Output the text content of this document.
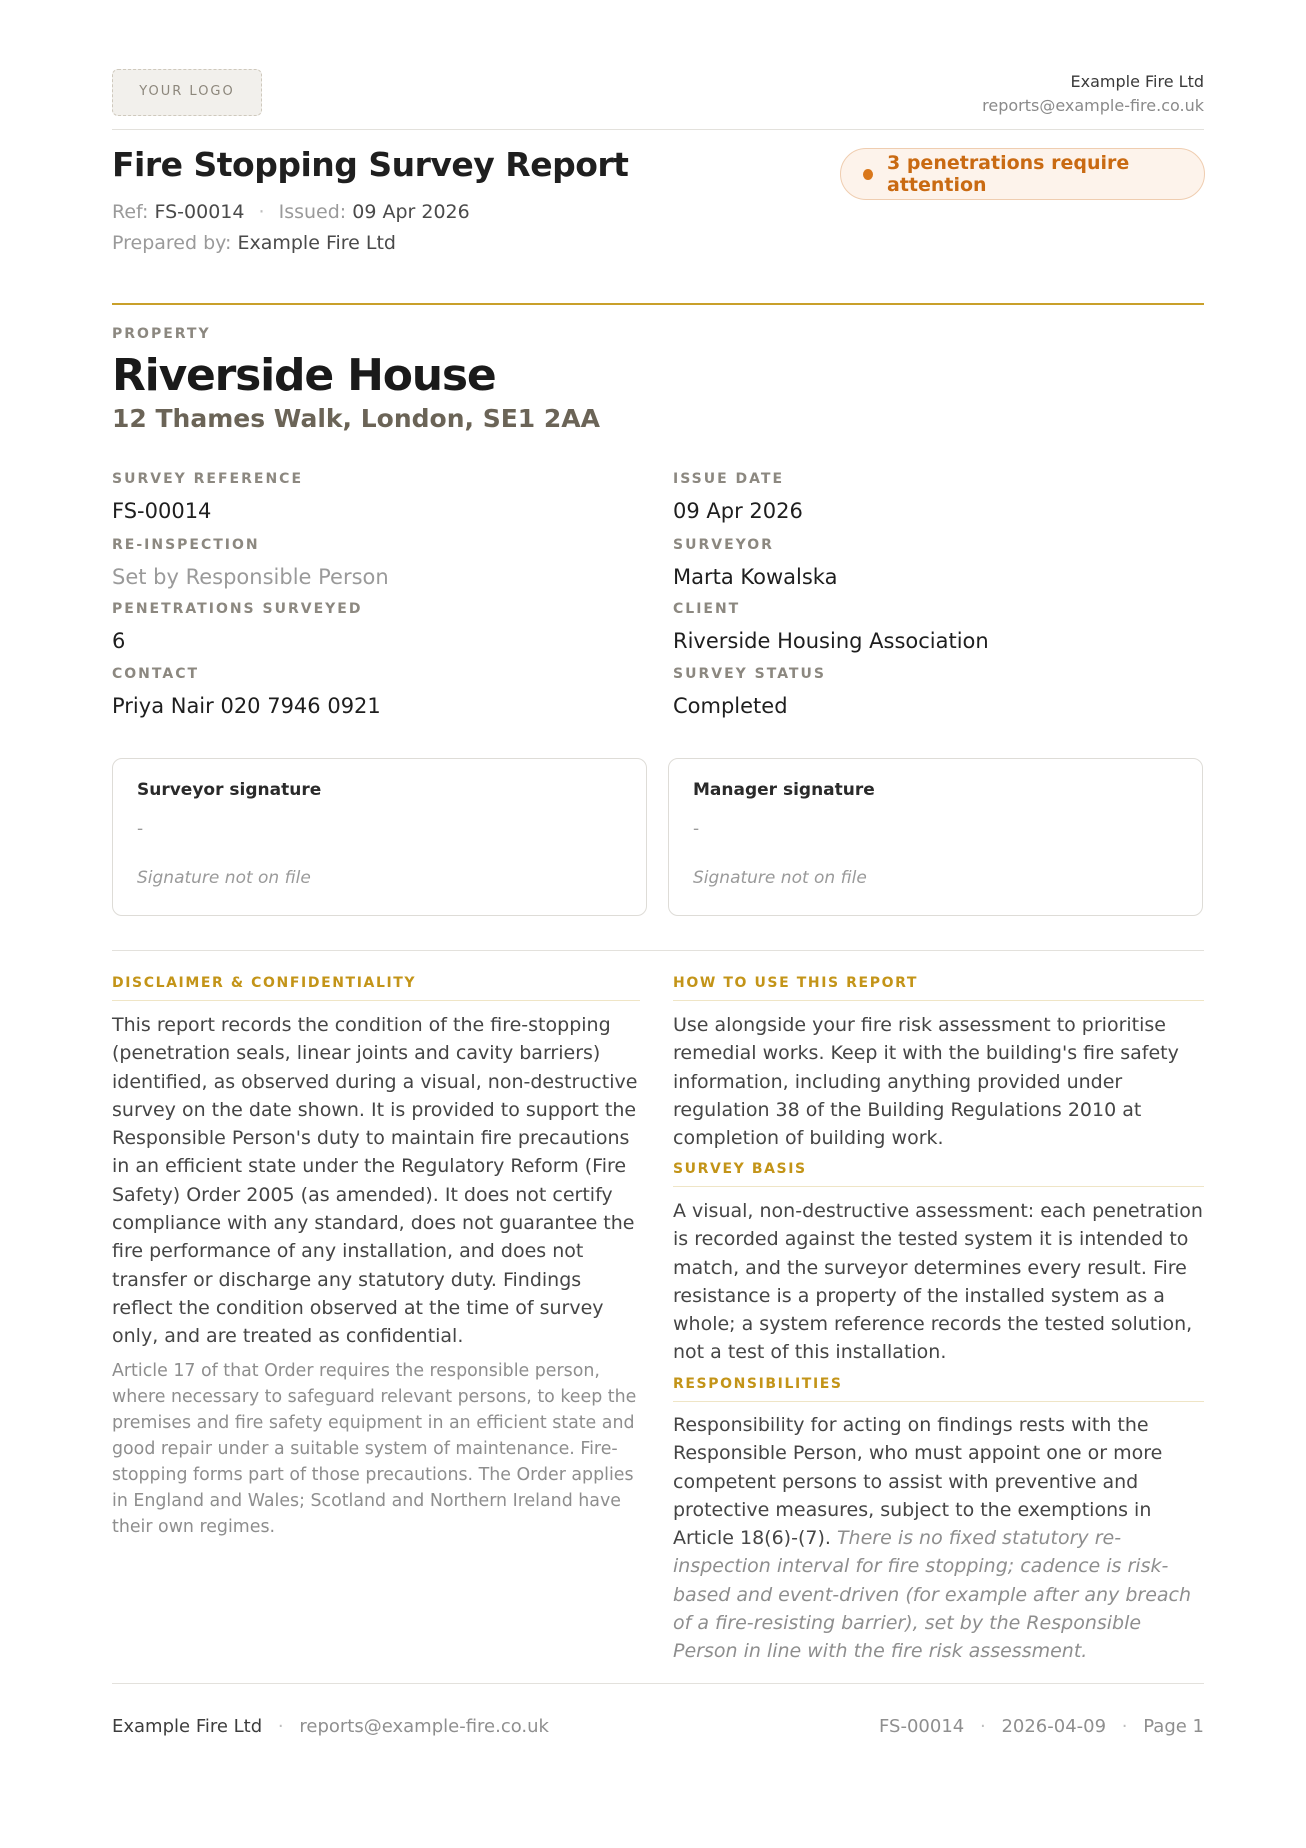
YOUR LOGO
Example Fire Ltd
reports@example-fire.co.uk
Fire Stopping Survey Report
Ref: FS-00014 · Issued: 09 Apr 2026
Prepared by: Example Fire Ltd
3 penetrations require attention
PROPERTY
Riverside House
12 Thames Walk, London, SE1 2AA
SURVEY REFERENCE
FS-00014
ISSUE DATE
09 Apr 2026
RE-INSPECTION
Set by Responsible Person
SURVEYOR
Marta Kowalska
PENETRATIONS SURVEYED
6
CLIENT
Riverside Housing Association
CONTACT
Priya Nair 020 7946 0921
SURVEY STATUS
Completed
Surveyor signature
-
Signature not on file
Manager signature
-
Signature not on file
DISCLAIMER & CONFIDENTIALITY
This report records the condition of the fire-stopping (penetration seals, linear joints and cavity barriers) identified, as observed during a visual, non-destructive survey on the date shown. It is provided to support the Responsible Person's duty to maintain fire precautions in an efficient state under the Regulatory Reform (Fire Safety) Order 2005 (as amended). It does not certify compliance with any standard, does not guarantee the fire performance of any installation, and does not transfer or discharge any statutory duty. Findings reflect the condition observed at the time of survey only, and are treated as confidential.
Article 17 of that Order requires the responsible person, where necessary to safeguard relevant persons, to keep the premises and fire safety equipment in an efficient state and good repair under a suitable system of maintenance. Fire-stopping forms part of those precautions. The Order applies in England and Wales; Scotland and Northern Ireland have their own regimes.
HOW TO USE THIS REPORT
Use alongside your fire risk assessment to prioritise remedial works. Keep it with the building's fire safety information, including anything provided under regulation 38 of the Building Regulations 2010 at completion of building work.
SURVEY BASIS
A visual, non-destructive assessment: each penetration is recorded against the tested system it is intended to match, and the surveyor determines every result. Fire resistance is a property of the installed system as a whole; a system reference records the tested solution, not a test of this installation.
RESPONSIBILITIES
Responsibility for acting on findings rests with the Responsible Person, who must appoint one or more competent persons to assist with preventive and protective measures, subject to the exemptions in Article 18(6)-(7). There is no fixed statutory re-inspection interval for fire stopping; cadence is risk-based and event-driven (for example after any breach of a fire-resisting barrier), set by the Responsible Person in line with the fire risk assessment.
Example Fire Ltd · reports@example-fire.co.uk	FS-00014 · 2026-04-09 · Page 1
